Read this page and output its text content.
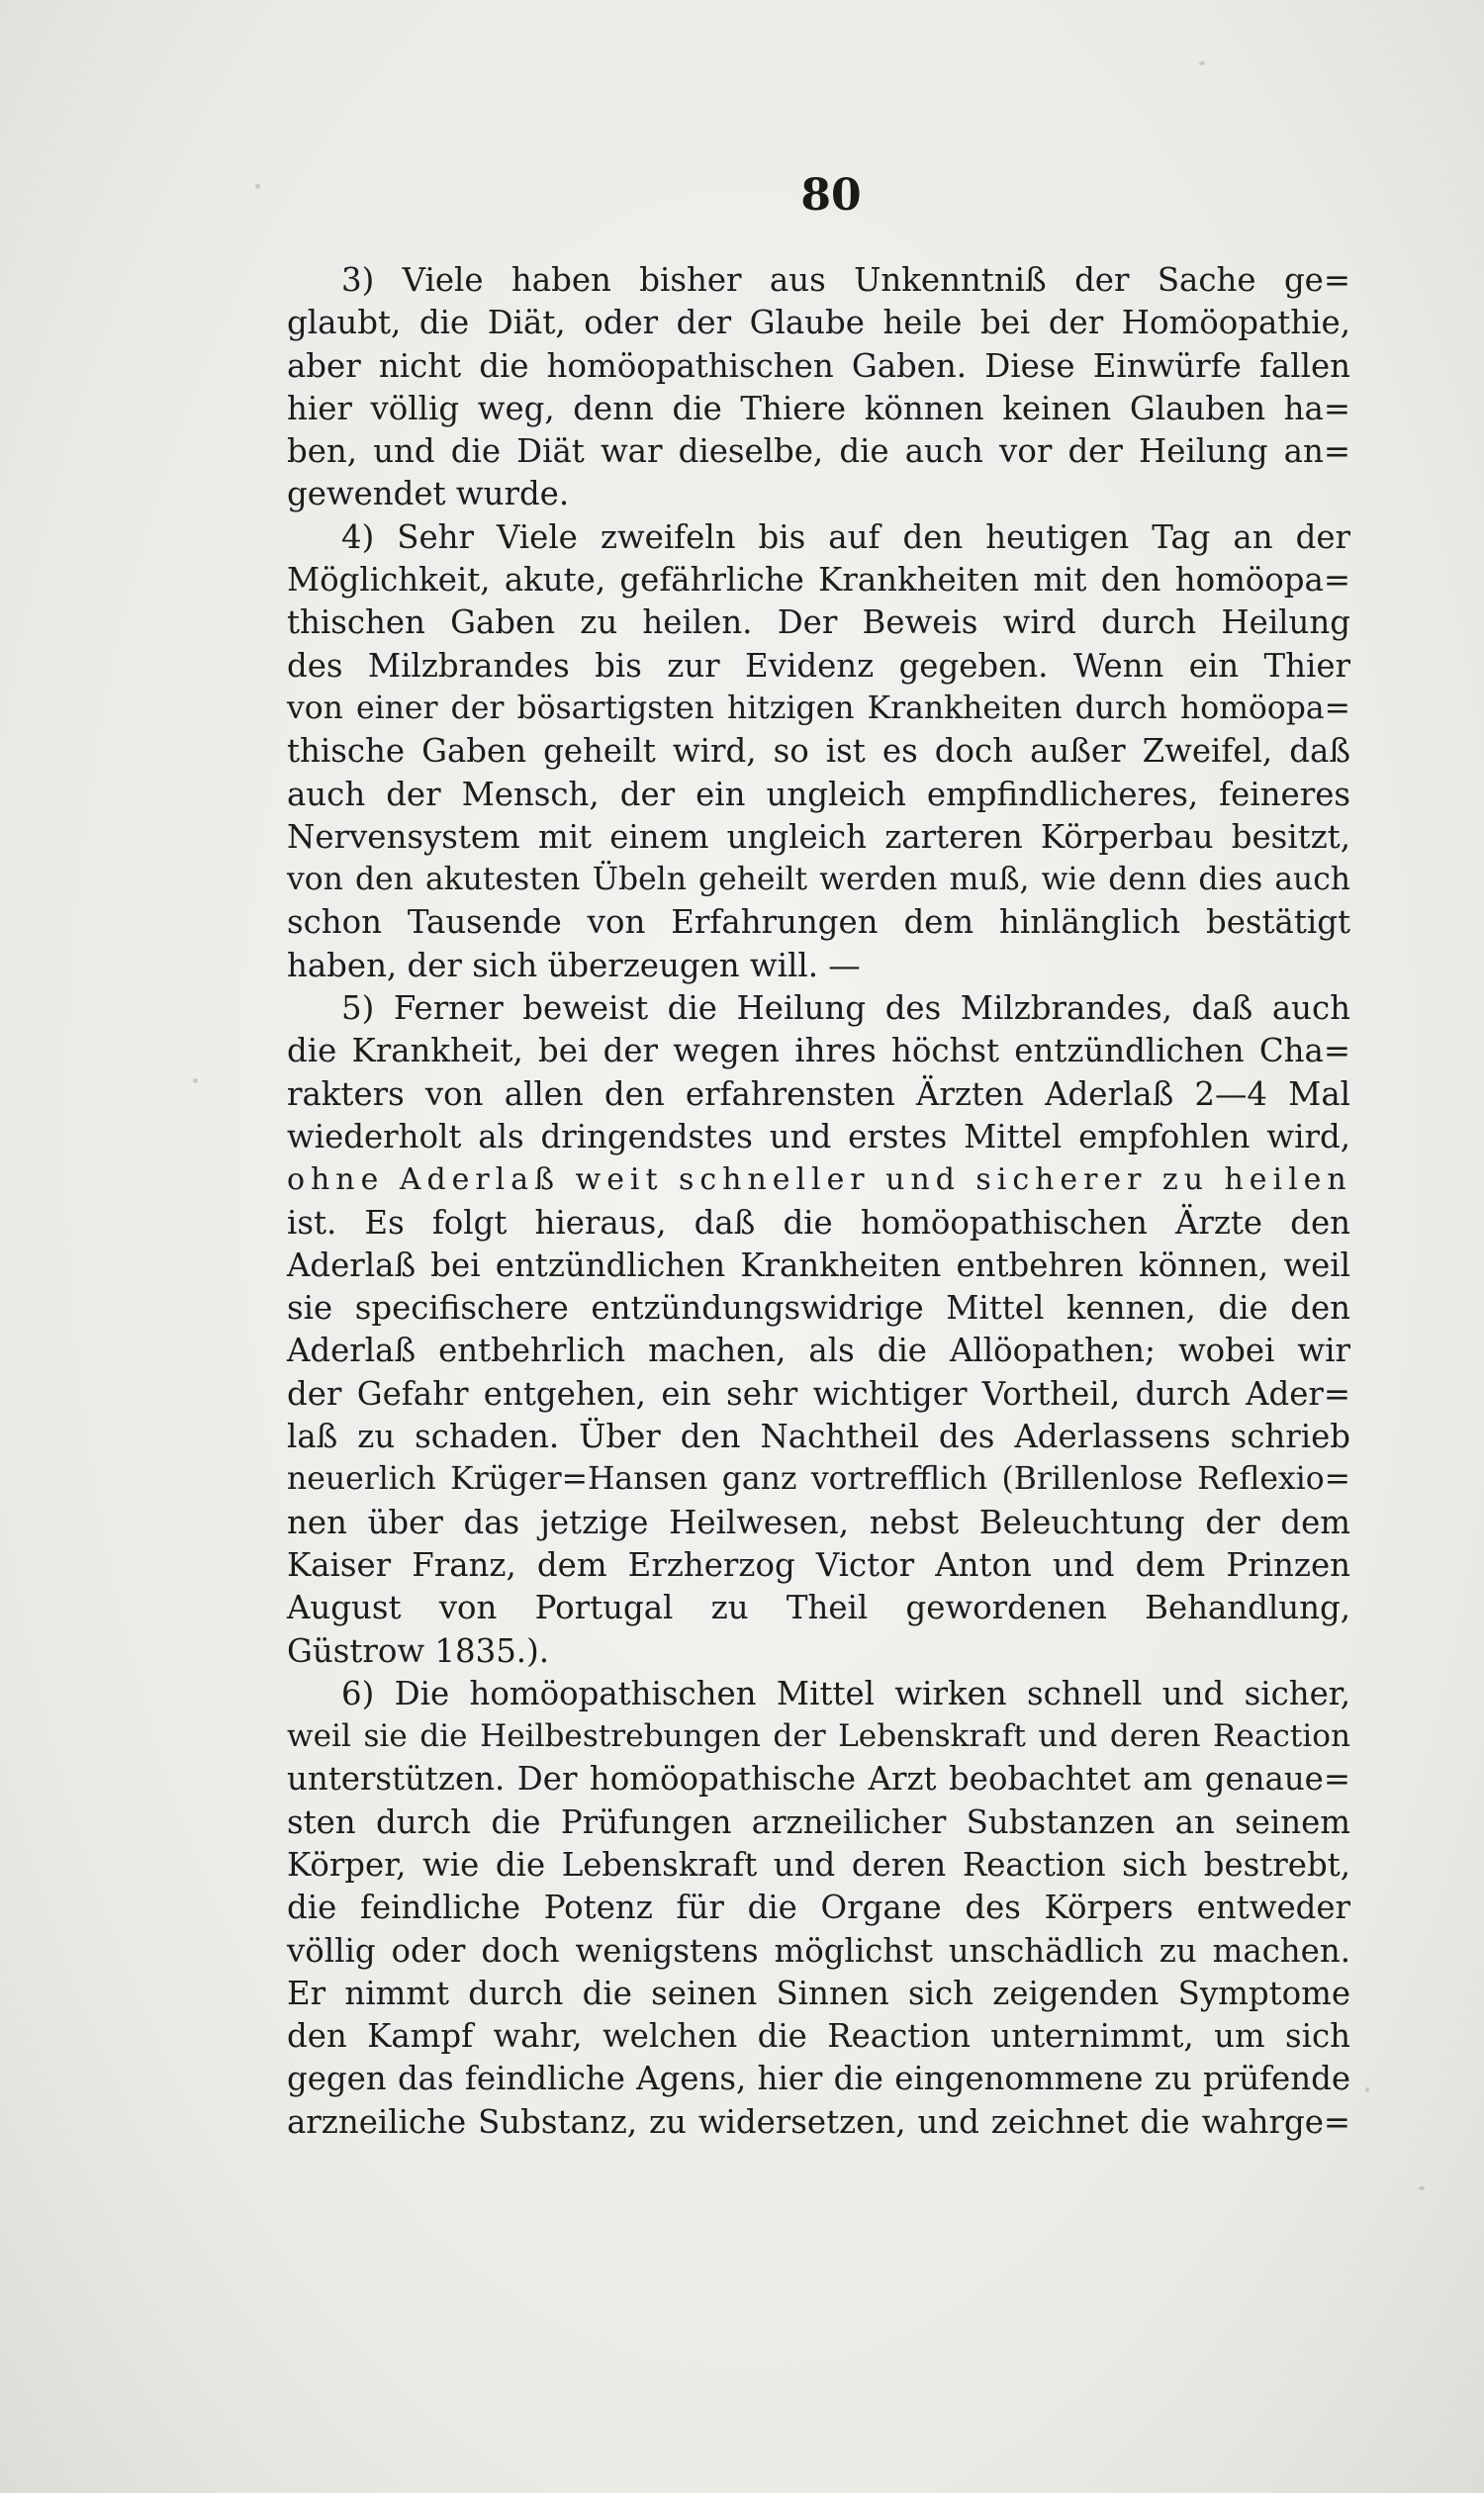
80
3) Viele haben bisher aus Unkenntniß der Sache ge=
glaubt, die Diät, oder der Glaube heile bei der Homöopathie,
aber nicht die homöopathischen Gaben. Diese Einwürfe fallen
hier völlig weg, denn die Thiere können keinen Glauben ha=
ben, und die Diät war dieselbe, die auch vor der Heilung an=
gewendet wurde.
4) Sehr Viele zweifeln bis auf den heutigen Tag an der
Möglichkeit, akute, gefährliche Krankheiten mit den homöopa=
thischen Gaben zu heilen. Der Beweis wird durch Heilung
des Milzbrandes bis zur Evidenz gegeben. Wenn ein Thier
von einer der bösartigsten hitzigen Krankheiten durch homöopa=
thische Gaben geheilt wird, so ist es doch außer Zweifel, daß
auch der Mensch, der ein ungleich empfindlicheres, feineres
Nervensystem mit einem ungleich zarteren Körperbau besitzt,
von den akutesten Übeln geheilt werden muß, wie denn dies auch
schon Tausende von Erfahrungen dem hinlänglich bestätigt
haben, der sich überzeugen will. —
5) Ferner beweist die Heilung des Milzbrandes, daß auch
die Krankheit, bei der wegen ihres höchst entzündlichen Cha=
rakters von allen den erfahrensten Ärzten Aderlaß 2—4 Mal
wiederholt als dringendstes und erstes Mittel empfohlen wird,
ohne Aderlaß weit schneller und sicherer zu heilen
ist. Es folgt hieraus, daß die homöopathischen Ärzte den
Aderlaß bei entzündlichen Krankheiten entbehren können, weil
sie specifischere entzündungswidrige Mittel kennen, die den
Aderlaß entbehrlich machen, als die Allöopathen; wobei wir
der Gefahr entgehen, ein sehr wichtiger Vortheil, durch Ader=
laß zu schaden. Über den Nachtheil des Aderlassens schrieb
neuerlich Krüger=Hansen ganz vortrefflich (Brillenlose Reflexio=
nen über das jetzige Heilwesen, nebst Beleuchtung der dem
Kaiser Franz, dem Erzherzog Victor Anton und dem Prinzen
August von Portugal zu Theil gewordenen Behandlung,
Güstrow 1835.).
6) Die homöopathischen Mittel wirken schnell und sicher,
weil sie die Heilbestrebungen der Lebenskraft und deren Reaction
unterstützen. Der homöopathische Arzt beobachtet am genaue=
sten durch die Prüfungen arzneilicher Substanzen an seinem
Körper, wie die Lebenskraft und deren Reaction sich bestrebt,
die feindliche Potenz für die Organe des Körpers entweder
völlig oder doch wenigstens möglichst unschädlich zu machen.
Er nimmt durch die seinen Sinnen sich zeigenden Symptome
den Kampf wahr, welchen die Reaction unternimmt, um sich
gegen das feindliche Agens, hier die eingenommene zu prüfende
arzneiliche Substanz, zu widersetzen, und zeichnet die wahrge=
